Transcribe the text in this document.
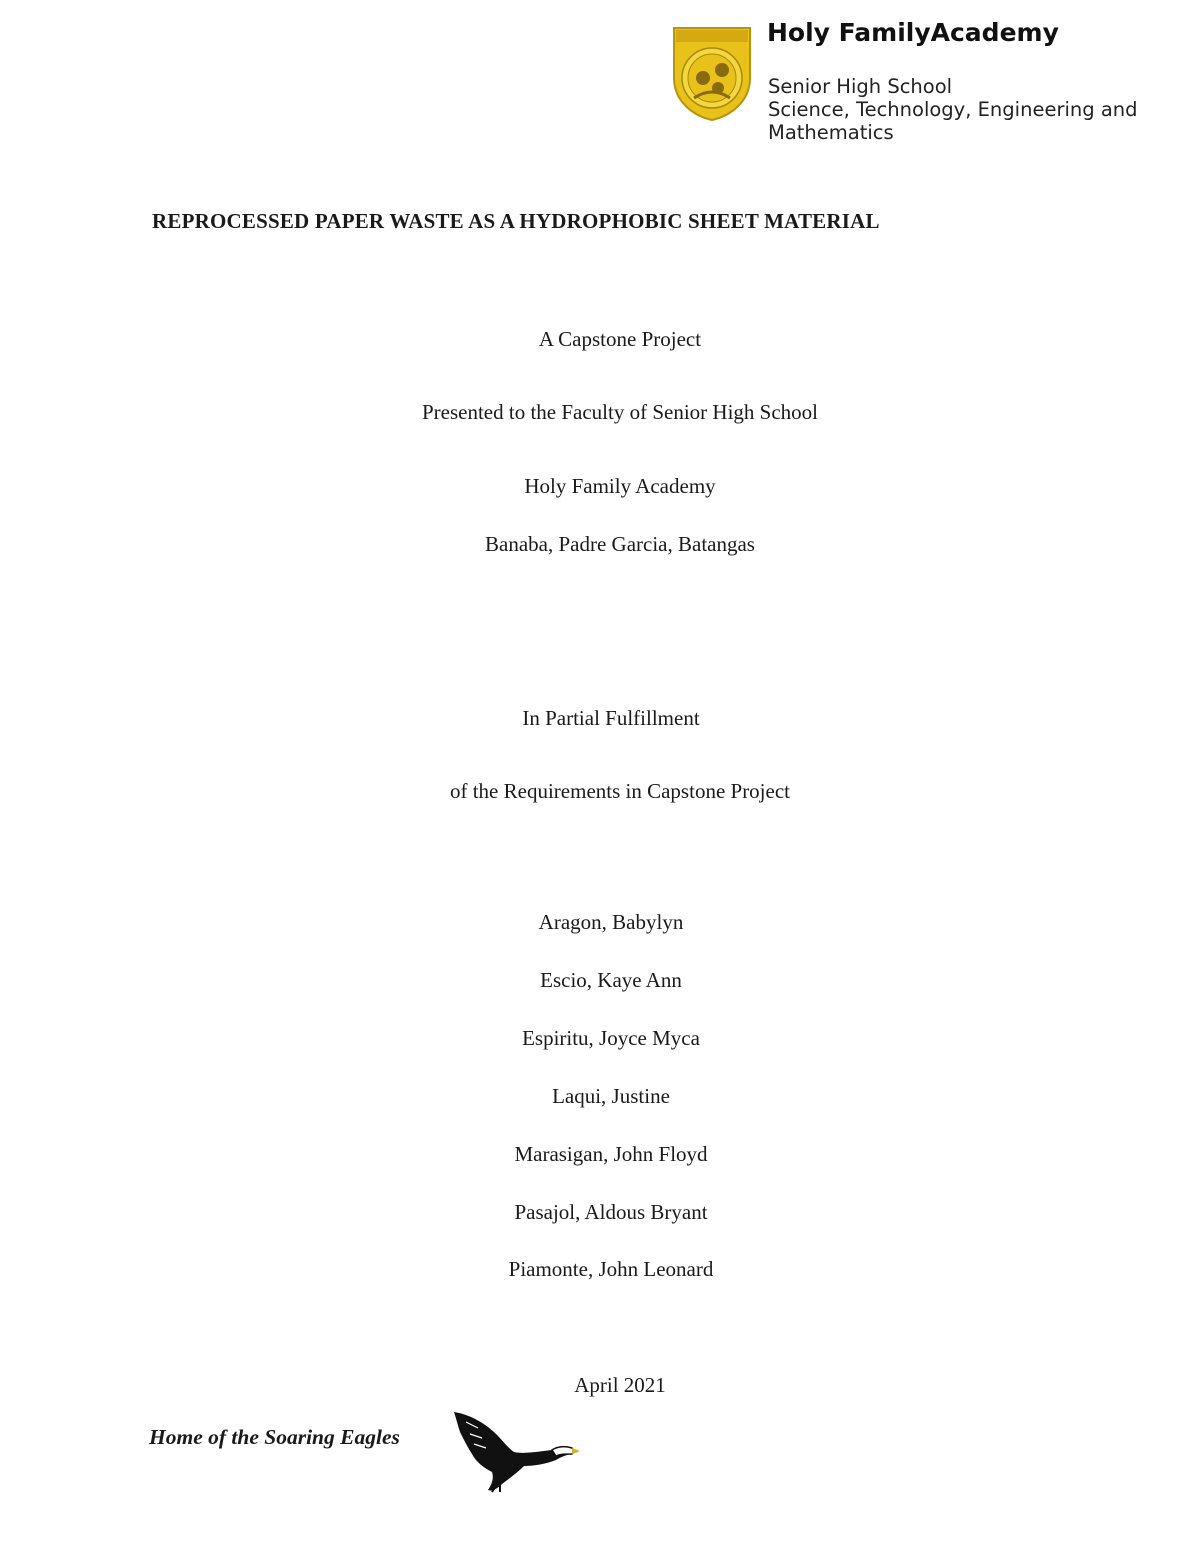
Holy FamilyAcademy
Senior High School
Science, Technology, Engineering and
Mathematics
REPROCESSED PAPER WASTE AS A HYDROPHOBIC SHEET MATERIAL
A Capstone Project
Presented to the Faculty of Senior High School
Holy Family Academy
Banaba, Padre Garcia, Batangas
In Partial Fulfillment
of the Requirements in Capstone Project
Aragon, Babylyn
Escio, Kaye Ann
Espiritu, Joyce Myca
Laqui, Justine
Marasigan, John Floyd
Pasajol, Aldous Bryant
Piamonte, John Leonard
April 2021
Home of the Soaring Eagles
